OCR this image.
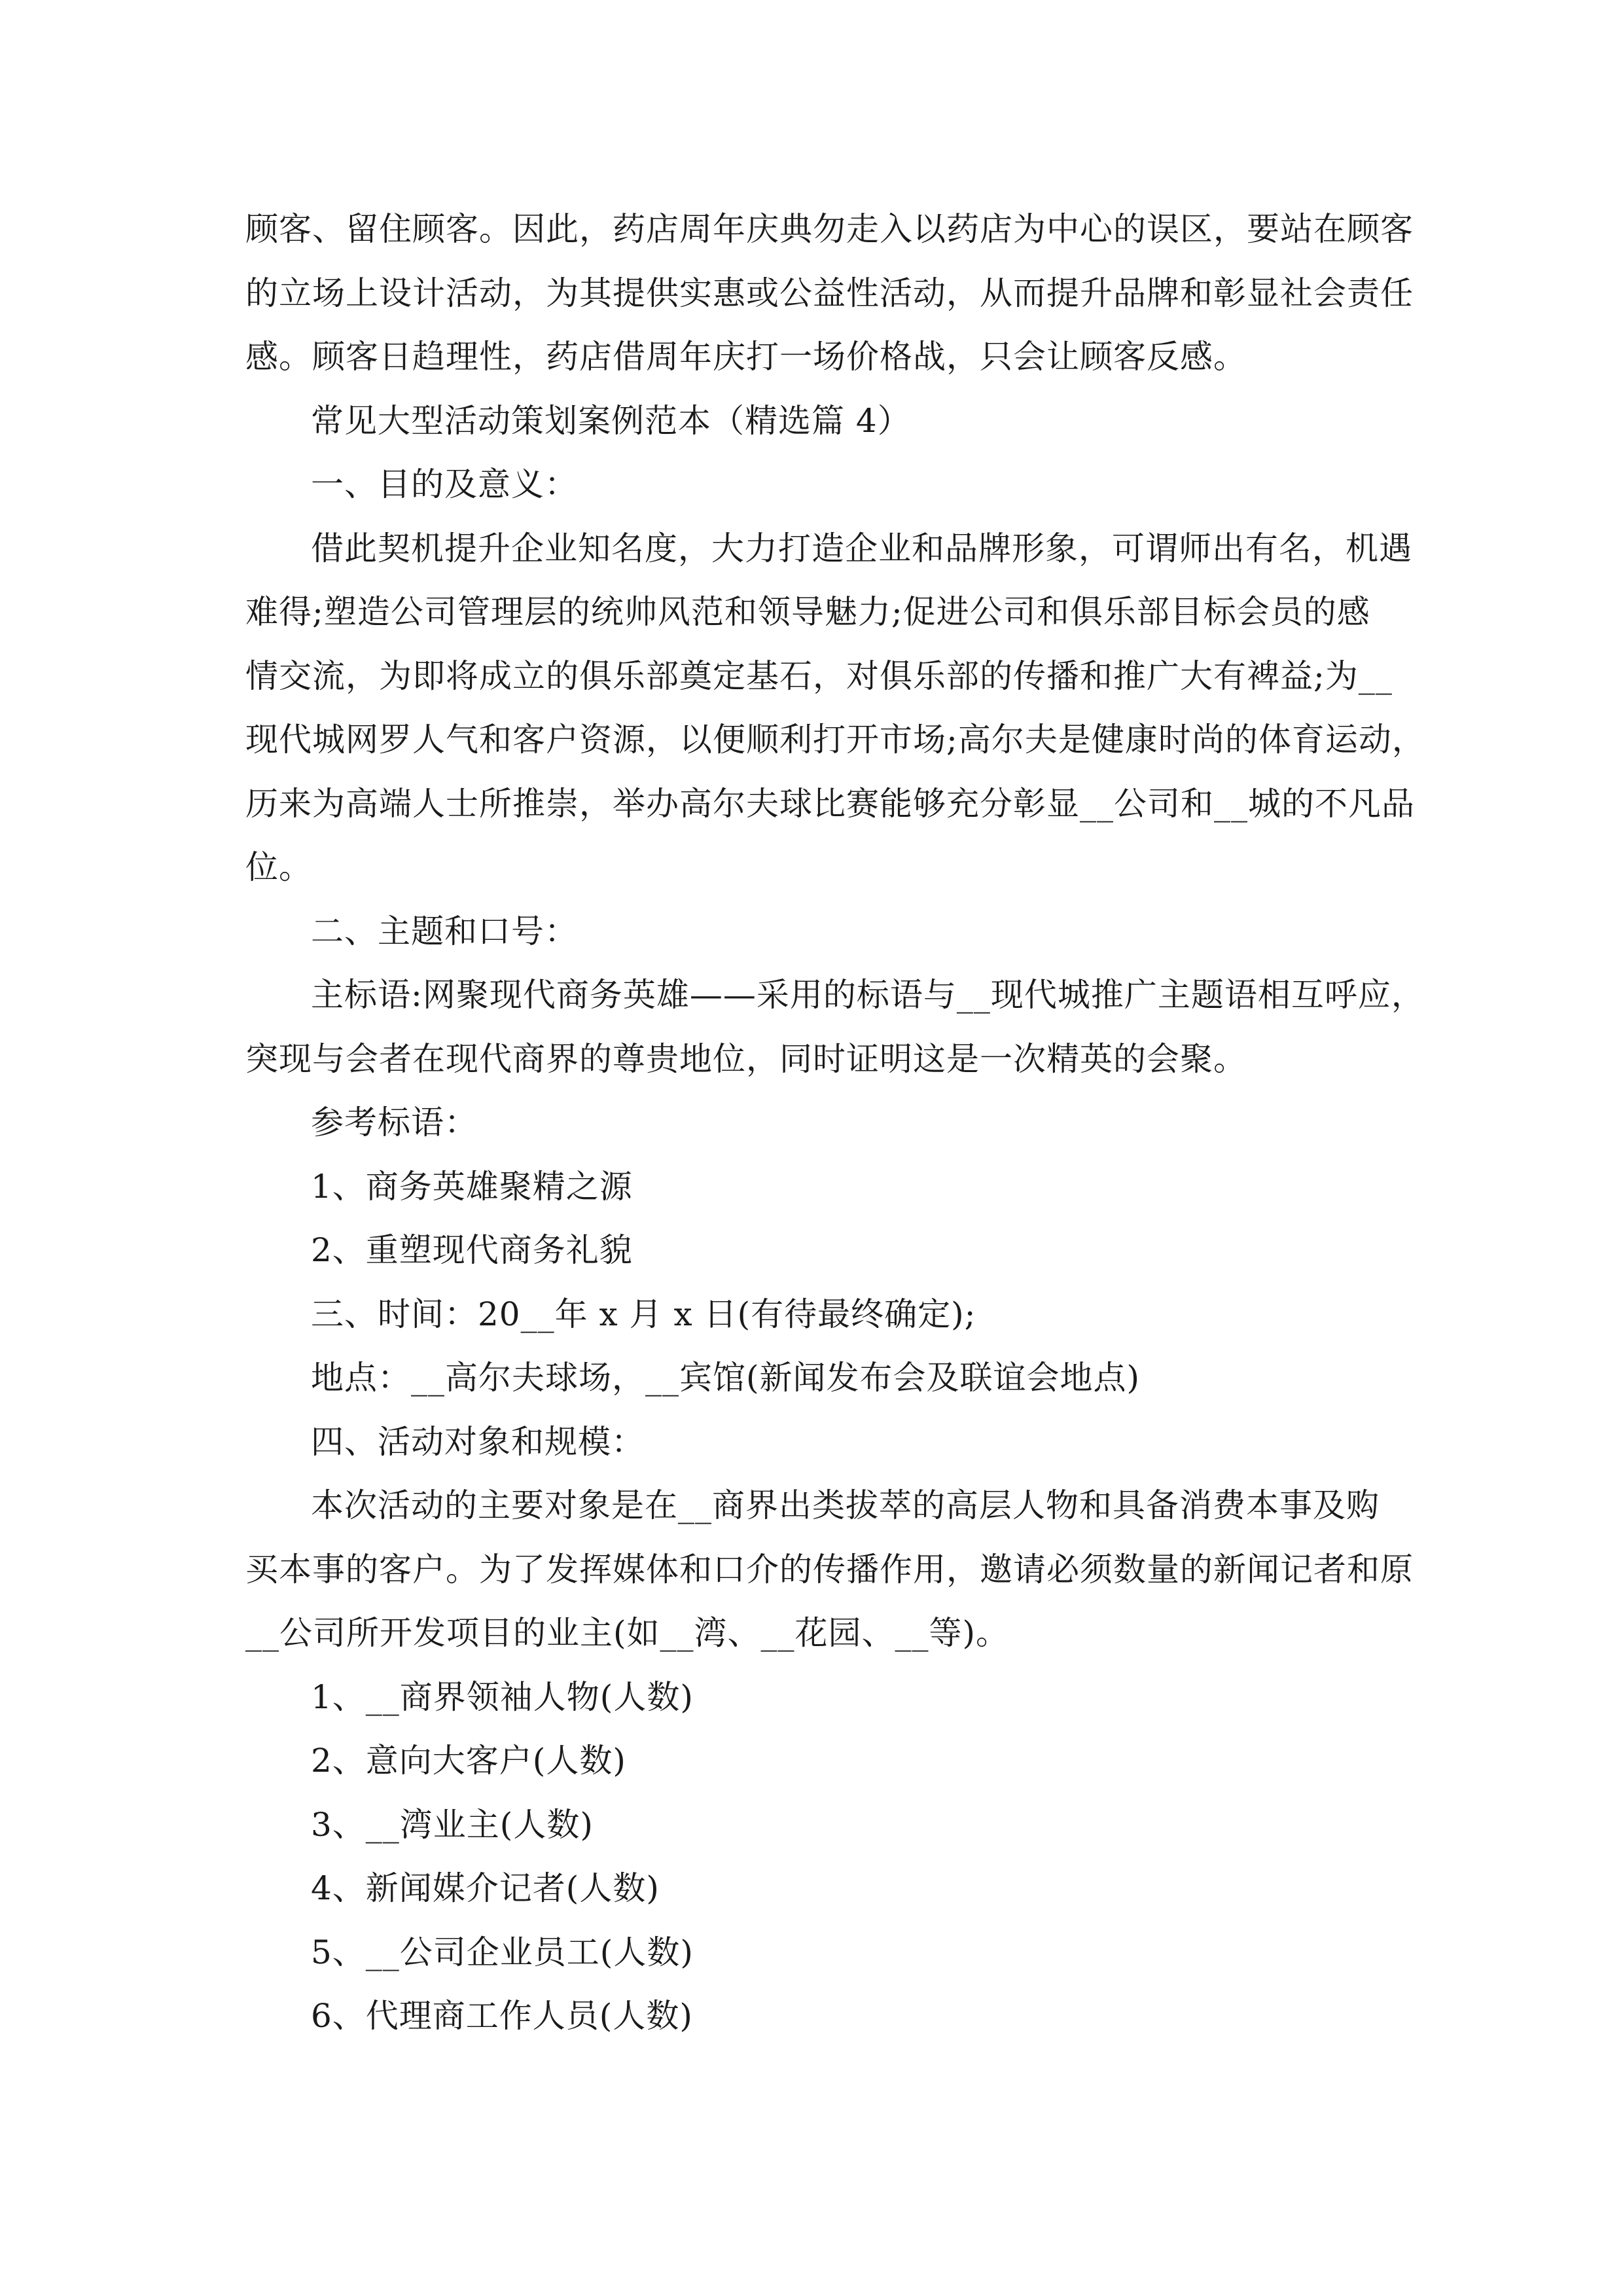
顾客、留住顾客。因此，药店周年庆典勿走入以药店为中心的误区，要站在顾客
的立场上设计活动，为其提供实惠或公益性活动，从而提升品牌和彰显社会责任
感。顾客日趋理性，药店借周年庆打一场价格战，只会让顾客反感。
常见大型活动策划案例范本（精选篇 4）
一、目的及意义：
借此契机提升企业知名度，大力打造企业和品牌形象，可谓师出有名，机遇
难得;塑造公司管理层的统帅风范和领导魅力;促进公司和俱乐部目标会员的感
情交流，为即将成立的俱乐部奠定基石，对俱乐部的传播和推广大有裨益;为__
现代城网罗人气和客户资源，以便顺利打开市场;高尔夫是健康时尚的体育运动，
历来为高端人士所推崇，举办高尔夫球比赛能够充分彰显__公司和__城的不凡品
位。
二、主题和口号：
主标语:网聚现代商务英雄——采用的标语与__现代城推广主题语相互呼应，
突现与会者在现代商界的尊贵地位，同时证明这是一次精英的会聚。
参考标语：
1、商务英雄聚精之源
2、重塑现代商务礼貌
三、时间：20__年 x 月 x 日(有待最终确定);
地点：__高尔夫球场，__宾馆(新闻发布会及联谊会地点)
四、活动对象和规模：
本次活动的主要对象是在__商界出类拔萃的高层人物和具备消费本事及购
买本事的客户。为了发挥媒体和口介的传播作用，邀请必须数量的新闻记者和原
__公司所开发项目的业主(如__湾、__花园、__等)。
1、__商界领袖人物(人数)
2、意向大客户(人数)
3、__湾业主(人数)
4、新闻媒介记者(人数)
5、__公司企业员工(人数)
6、代理商工作人员(人数)
